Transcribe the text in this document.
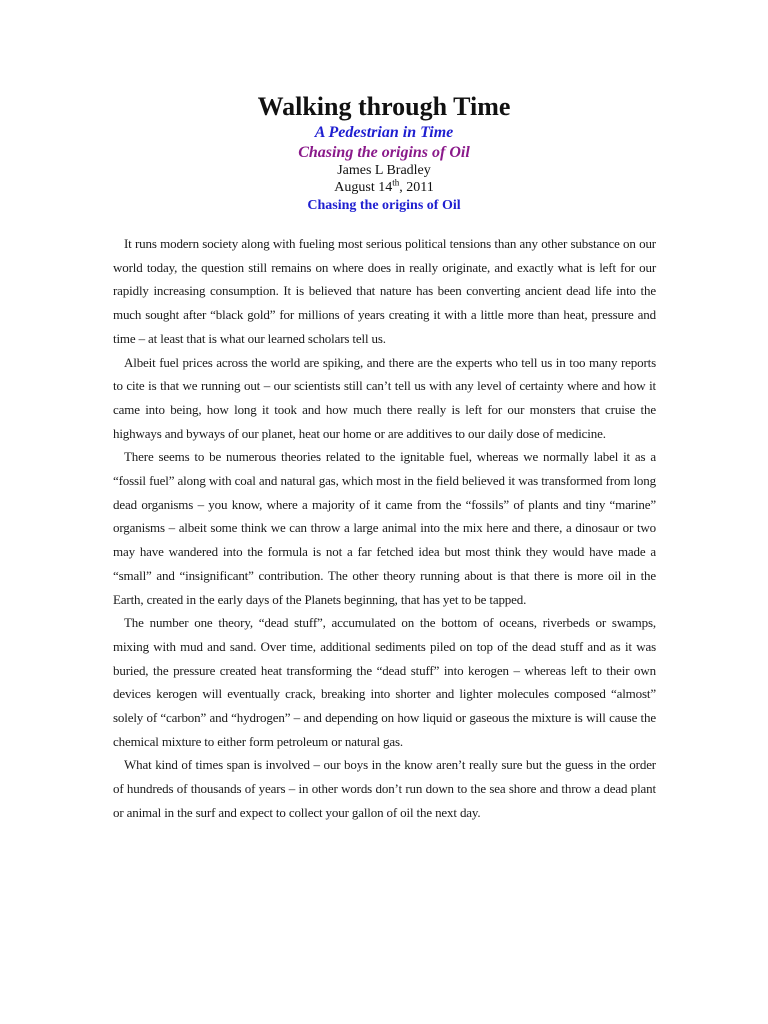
Walking through Time
A Pedestrian in Time
Chasing the origins of Oil
James L Bradley
August 14th, 2011
Chasing the origins of Oil

It runs modern society along with fueling most serious political tensions than any other substance on our world today, the question still remains on where does in really originate, and exactly what is left for our rapidly increasing consumption. It is believed that nature has been converting ancient dead life into the much sought after “black gold” for millions of years creating it with a little more than heat, pressure and time – at least that is what our learned scholars tell us.

Albeit fuel prices across the world are spiking, and there are the experts who tell us in too many reports to cite is that we running out – our scientists still can’t tell us with any level of certainty where and how it came into being, how long it took and how much there really is left for our monsters that cruise the highways and byways of our planet, heat our home or are additives to our daily dose of medicine.

There seems to be numerous theories related to the ignitable fuel, whereas we normally label it as a “fossil fuel” along with coal and natural gas, which most in the field believed it was transformed from long dead organisms – you know, where a majority of it came from the “fossils” of plants and tiny “marine” organisms – albeit some think we can throw a large animal into the mix here and there, a dinosaur or two may have wandered into the formula is not a far fetched idea but most think they would have made a “small” and “insignificant” contribution. The other theory running about is that there is more oil in the Earth, created in the early days of the Planets beginning, that has yet to be tapped.

The number one theory, “dead stuff”, accumulated on the bottom of oceans, riverbeds or swamps, mixing with mud and sand. Over time, additional sediments piled on top of the dead stuff and as it was buried, the pressure created heat transforming the “dead stuff” into kerogen – whereas left to their own devices kerogen will eventually crack, breaking into shorter and lighter molecules composed “almost” solely of “carbon” and “hydrogen” – and depending on how liquid or gaseous the mixture is will cause the chemical mixture to either form petroleum or natural gas.

What kind of times span is involved – our boys in the know aren’t really sure but the guess in the order of hundreds of thousands of years – in other words don’t run down to the sea shore and throw a dead plant or animal in the surf and expect to collect your gallon of oil the next day.
